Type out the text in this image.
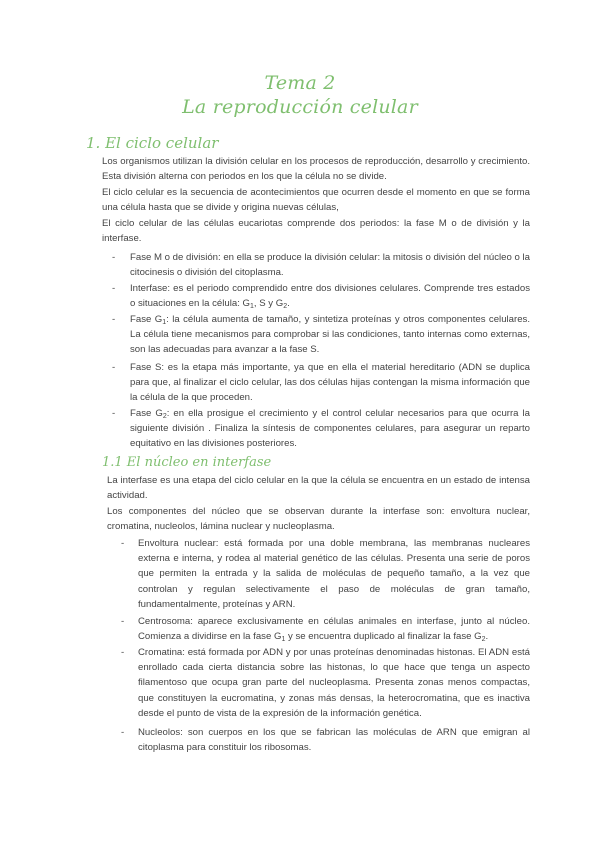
Tema 2
La reproducción celular
1. El ciclo celular

Los organismos utilizan la división celular en los procesos de reproducción, desarrollo y crecimiento. Esta división alterna con periodos en los que la célula no se divide.

El ciclo celular es la secuencia de acontecimientos que ocurren desde el momento en que se forma una célula hasta que se divide y origina nuevas células,

El ciclo celular de las células eucariotas comprende dos periodos: la fase M o de división y la interfase.

- Fase M o de división: en ella se produce la división celular: la mitosis o división del núcleo o la citocinesis o división del citoplasma.

- Interfase: es el periodo comprendido entre dos divisiones celulares. Comprende tres estados o situaciones en la célula: $G_1$, S y $G_2$.

- Fase $G_1$: la célula aumenta de tamaño, y sintetiza proteínas y otros componentes celulares. La célula tiene mecanismos para comprobar si las condiciones, tanto internas como externas, son las adecuadas para avanzar a la fase S.

- Fase S: es la etapa más importante, ya que en ella el material hereditario (ADN se duplica para que, al finalizar el ciclo celular, las dos células hijas contengan la misma información que la célula de la que proceden.

- Fase $G_2$: en ella prosigue el crecimiento y el control celular necesarios para que ocurra la siguiente división . Finaliza la síntesis de componentes celulares, para asegurar un reparto equitativo en las divisiones posteriores.

1.1 El núcleo en interfase

La interfase es una etapa del ciclo celular en la que la célula se encuentra en un estado de intensa actividad.

Los componentes del núcleo que se observan durante la interfase son: envoltura nuclear, cromatina, nucleolos, lámina nuclear y nucleoplasma.

- Envoltura nuclear: está formada por una doble membrana, las membranas nucleares externa e interna, y rodea al material genético de las células. Presenta una serie de poros que permiten la entrada y la salida de moléculas de pequeño tamaño, a la vez que controlan y regulan selectivamente el paso de moléculas de gran tamaño, fundamentalmente, proteínas y ARN.

- Centrosoma: aparece exclusivamente en células animales en interfase, junto al núcleo. Comienza a dividirse en la fase $G_1$ y se encuentra duplicado al finalizar la fase $G_2$.

- Cromatina: está formada por ADN y por unas proteínas denominadas histonas. El ADN está enrollado cada cierta distancia sobre las histonas, lo que hace que tenga un aspecto filamentoso que ocupa gran parte del nucleoplasma. Presenta zonas menos compactas, que constituyen la eucromatina, y zonas más densas, la heterocromatina, que es inactiva desde el punto de vista de la expresión de la información genética.

- Nucleolos: son cuerpos en los que se fabrican las moléculas de ARN que emigran al citoplasma para constituir los ribosomas.
